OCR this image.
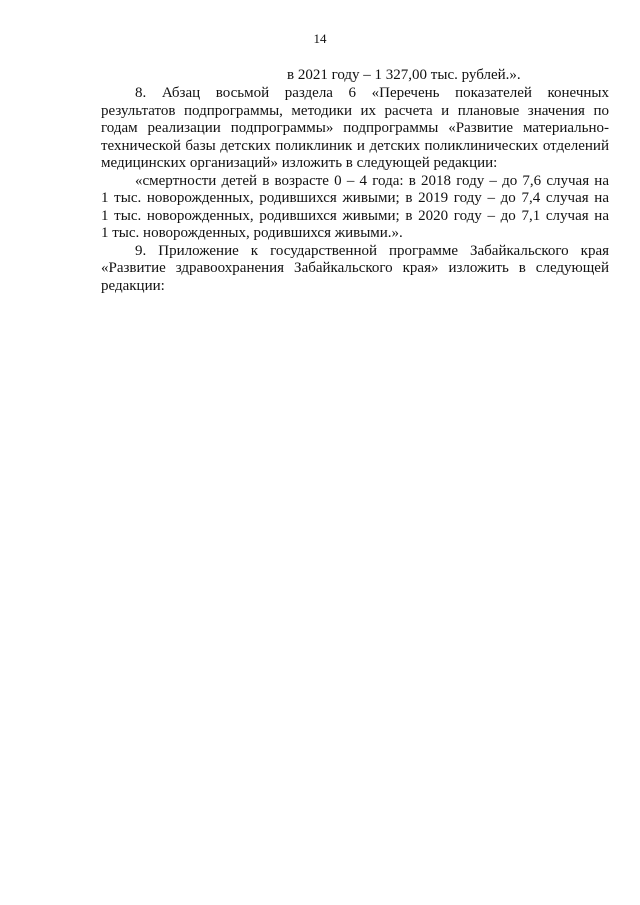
14
в 2021 году – 1 327,00 тыс. рублей.».
8. Абзац восьмой раздела 6 «Перечень показателей конечных
результатов подпрограммы, методики их расчета и плановые значения по
годам реализации подпрограммы» подпрограммы «Развитие материально-
технической базы детских поликлиник и детских поликлинических отделений
медицинских организаций» изложить в следующей редакции:
«смертности детей в возрасте 0 – 4 года: в 2018 году – до 7,6 случая на
1 тыс. новорожденных, родившихся живыми; в 2019 году – до 7,4 случая на
1 тыс. новорожденных, родившихся живыми; в 2020 году – до 7,1 случая на
1 тыс. новорожденных, родившихся живыми.».
9. Приложение к государственной программе Забайкальского края
«Развитие здравоохранения Забайкальского края» изложить в следующей
редакции:
